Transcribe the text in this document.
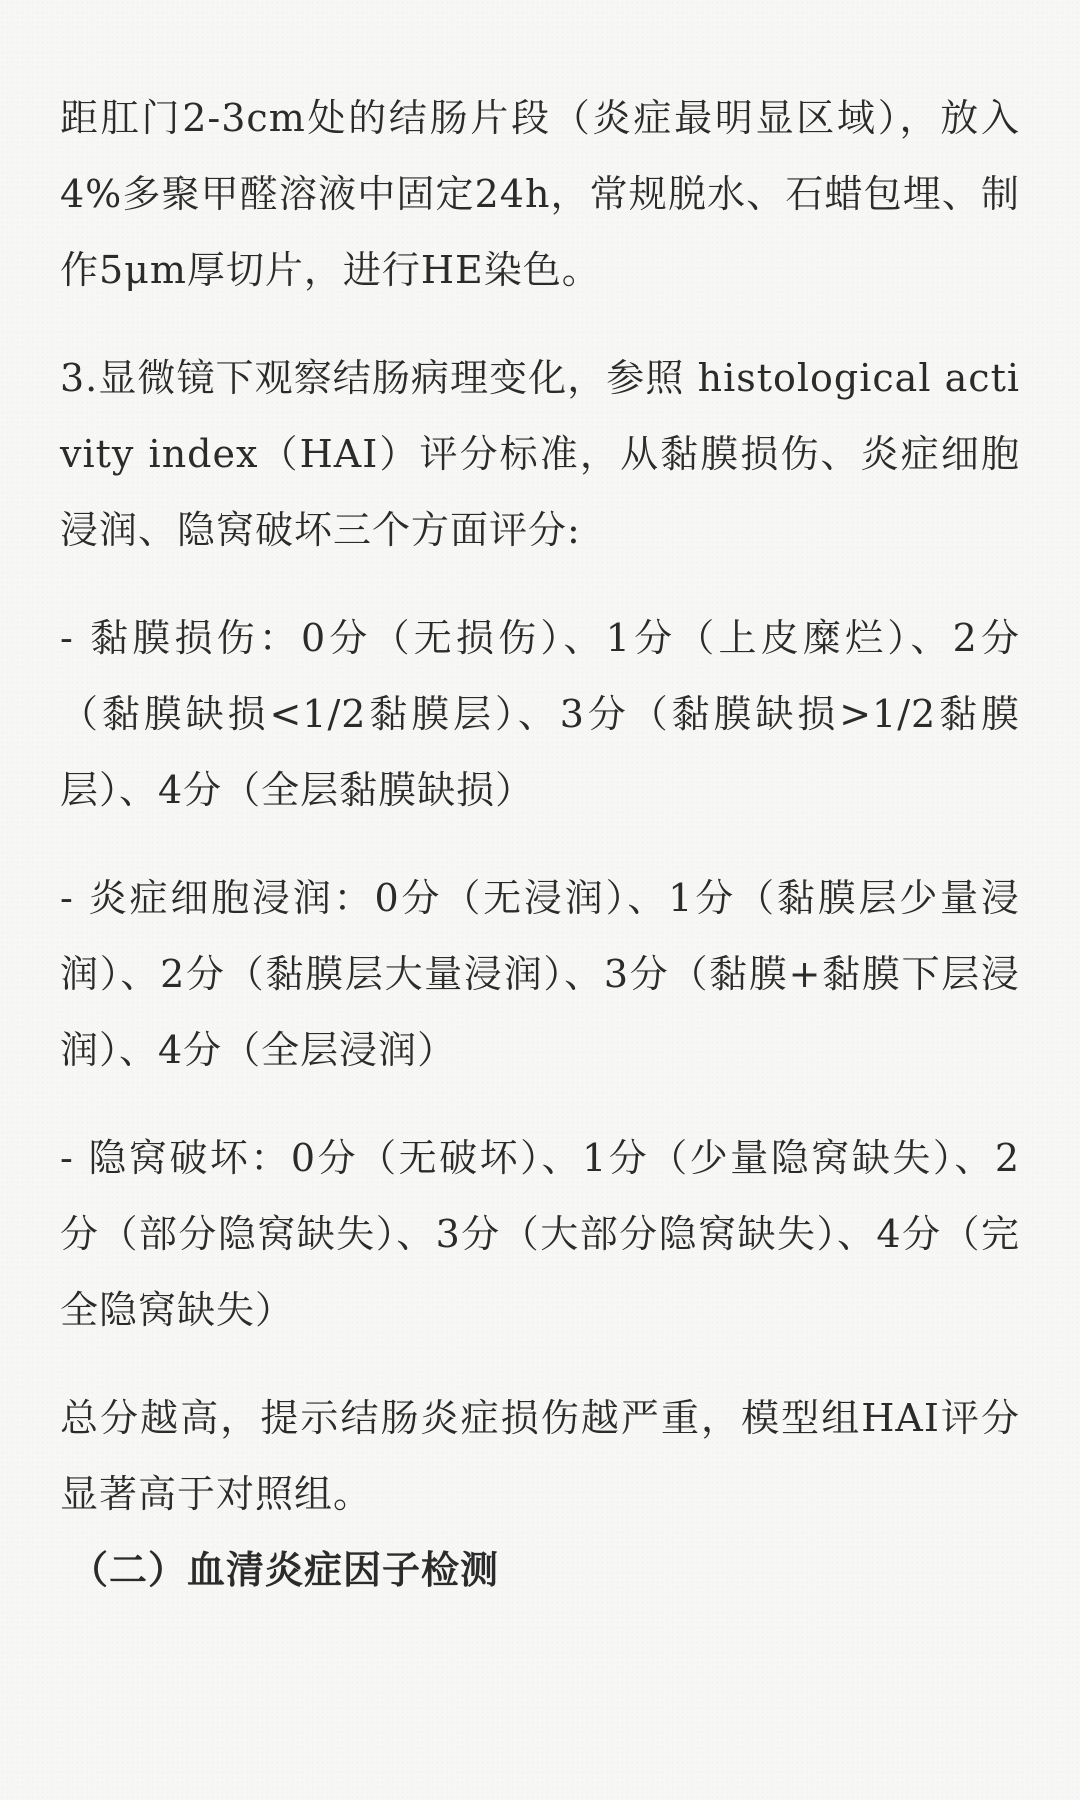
距肛门2-3cm处的结肠片段（炎症最明显区域），放入4%多聚甲醛溶液中固定24h，常规脱水、石蜡包埋、制作5μm厚切片，进行HE染色。

3.显微镜下观察结肠病理变化，参照 histological activity index（HAI）评分标准，从黏膜损伤、炎症细胞浸润、隐窝破坏三个方面评分:

- 黏膜损伤：0分（无损伤）、1分（上皮糜烂）、2分（黏膜缺损<1/2黏膜层）、3分（黏膜缺损>1/2黏膜层）、4分（全层黏膜缺损）

- 炎症细胞浸润：0分（无浸润）、1分（黏膜层少量浸润）、2分（黏膜层大量浸润）、3分（黏膜+黏膜下层浸润）、4分（全层浸润）

- 隐窝破坏：0分（无破坏）、1分（少量隐窝缺失）、2分（部分隐窝缺失）、3分（大部分隐窝缺失）、4分（完全隐窝缺失）

总分越高，提示结肠炎症损伤越严重，模型组HAI评分显著高于对照组。

（二）血清炎症因子检测
